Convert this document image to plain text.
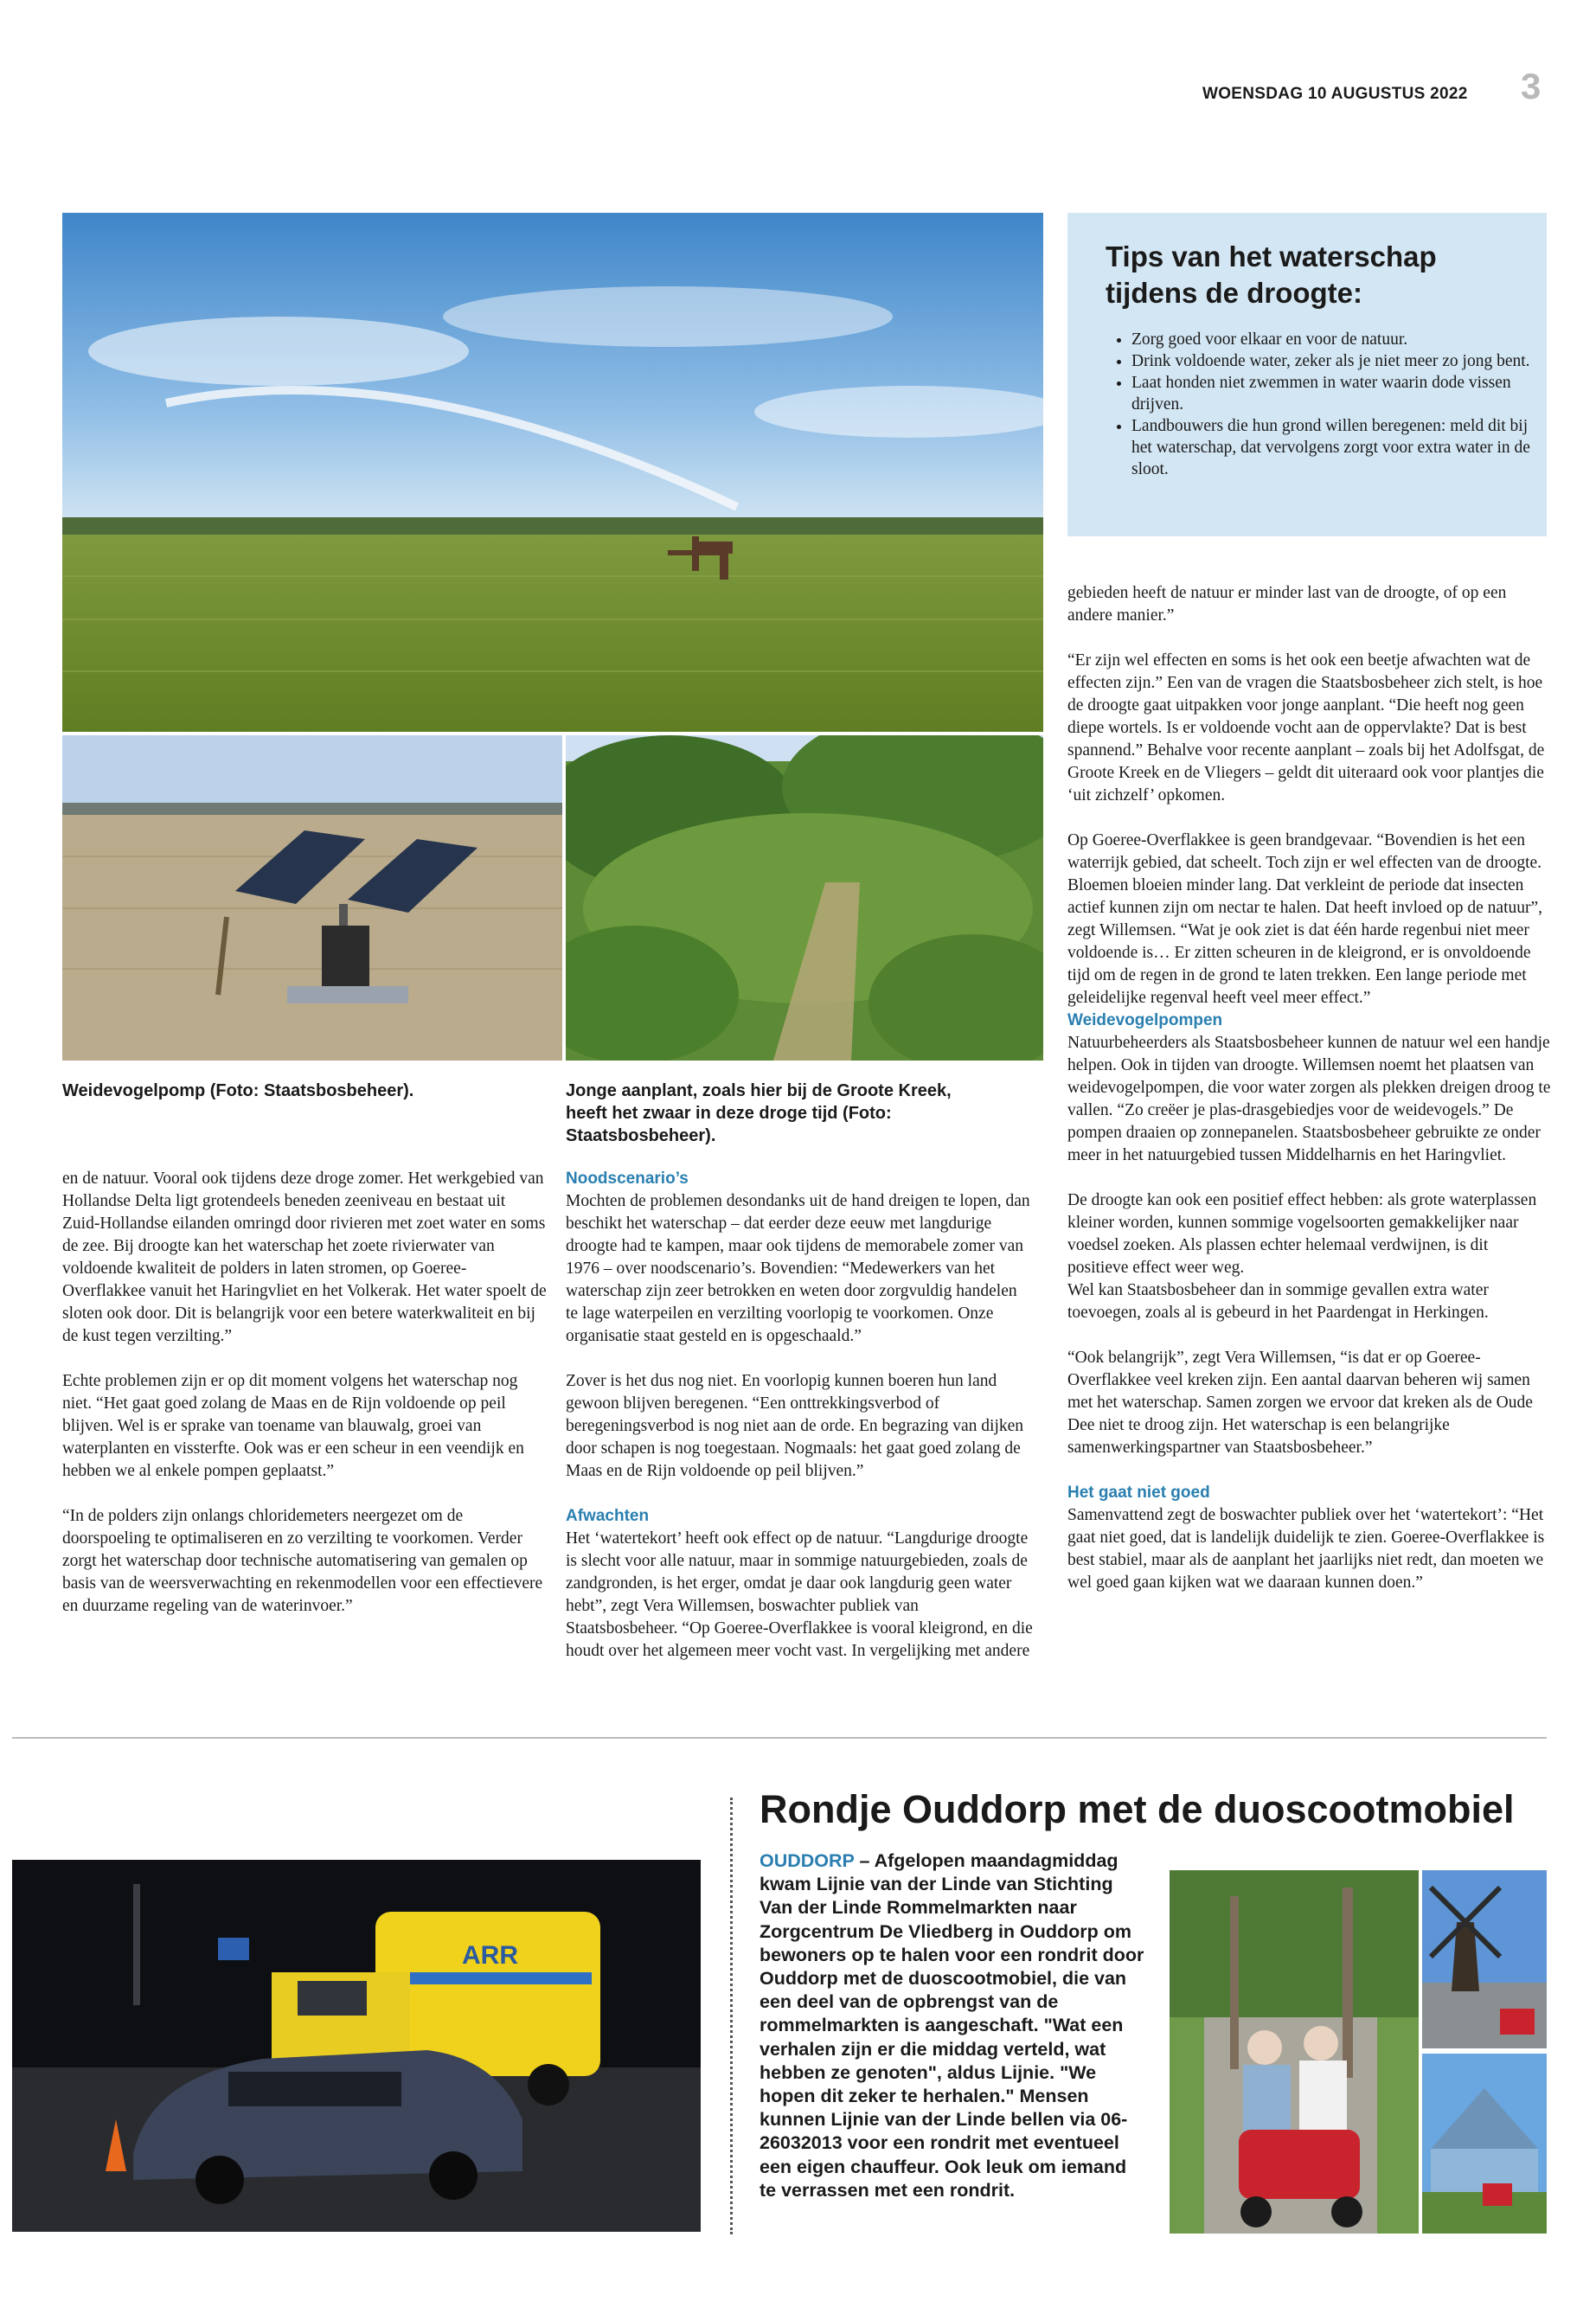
WOENSDAG 10 AUGUSTUS 2022 3
Tips van het waterschap
tijdens de droogte:
• Zorg goed voor elkaar en voor de natuur.
• Drink voldoende water, zeker als je niet meer zo jong bent.
• Laat honden niet zwemmen in water waarin dode vissen drijven.
• Landbouwers die hun grond willen beregenen: meld dit bij het waterschap, dat vervolgens zorgt voor extra water in de sloot.
Weidevogelpomp (Foto: Staatsbosbeheer).	Jonge aanplant, zoals hier bij de Groote Kreek, heeft het zwaar in deze droge tijd (Foto: Staatsbosbeheer).

en de natuur. Vooral ook tijdens deze droge zomer. Het werkgebied van Hollandse Delta ligt grotendeels beneden zeeniveau en bestaat uit Zuid-Hollandse eilanden omringd door rivieren met zoet water en soms de zee. Bij droogte kan het waterschap het zoete rivierwater van voldoende kwaliteit de polders in laten stromen, op Goeree-Overflakkee vanuit het Haringvliet en het Volkerak. Het water spoelt de sloten ook door. Dit is belangrijk voor een betere waterkwaliteit en bij de kust tegen verzilting.”

Echte problemen zijn er op dit moment volgens het waterschap nog niet. “Het gaat goed zolang de Maas en de Rijn voldoende op peil blijven. Wel is er sprake van toename van blauwalg, groei van waterplanten en vissterfte. Ook was er een scheur in een veendijk en hebben we al enkele pompen geplaatst.”

“In de polders zijn onlangs chloridemeters neergezet om de doorspoeling te optimaliseren en zo verzilting te voorkomen. Verder zorgt het waterschap door technische automatisering van gemalen op basis van de weersverwachting en rekenmodellen voor een effectievere en duurzame regeling van de waterinvoer.”

Noodscenario’s

Mochten de problemen desondanks uit de hand dreigen te lopen, dan beschikt het waterschap – dat eerder deze eeuw met langdurige droogte had te kampen, maar ook tijdens de memorabele zomer van 1976 – over noodscenario’s. Bovendien: “Medewerkers van het waterschap zijn zeer betrokken en weten door zorgvuldig handelen te lage waterpeilen en verzilting voorlopig te voorkomen. Onze organisatie staat gesteld en is opgeschaald.”

Zover is het dus nog niet. En voorlopig kunnen boeren hun land gewoon blijven beregenen. “Een onttrekkingsverbod of beregeningsverbod is nog niet aan de orde. En begrazing van dijken door schapen is nog toegestaan. Nogmaals: het gaat goed zolang de Maas en de Rijn voldoende op peil blijven.”

Afwachten

Het ‘watertekort’ heeft ook effect op de natuur. “Langdurige droogte is slecht voor alle natuur, maar in sommige natuurgebieden, zoals de zandgronden, is het erger, omdat je daar ook langdurig geen water hebt”, zegt Vera Willemsen, boswachter publiek van Staatsbosbeheer. “Op Goeree-Overflakkee is vooral kleigrond, en die houdt over het algemeen meer vocht vast. In vergelijking met andere

gebieden heeft de natuur er minder last van de droogte, of op een andere manier.”

“Er zijn wel effecten en soms is het ook een beetje afwachten wat de effecten zijn.” Een van de vragen die Staatsbosbeheer zich stelt, is hoe de droogte gaat uitpakken voor jonge aanplant. “Die heeft nog geen diepe wortels. Is er voldoende vocht aan de oppervlakte? Dat is best spannend.” Behalve voor recente aanplant – zoals bij het Adolfsgat, de Groote Kreek en de Vliegers – geldt dit uiteraard ook voor plantjes die ‘uit zichzelf’ opkomen.

Op Goeree-Overflakkee is geen brandgevaar. “Bovendien is het een waterrijk gebied, dat scheelt. Toch zijn er wel effecten van de droogte. Bloemen bloeien minder lang. Dat verkleint de periode dat insecten actief kunnen zijn om nectar te halen. Dat heeft invloed op de natuur”, zegt Willemsen. “Wat je ook ziet is dat één harde regenbui niet meer voldoende is… Er zitten scheuren in de kleigrond, er is onvoldoende tijd om de regen in de grond te laten trekken. Een lange periode met geleidelijke regenval heeft veel meer effect.”

Weidevogelpompen

Natuurbeheerders als Staatsbosbeheer kunnen de natuur wel een handje helpen. Ook in tijden van droogte. Willemsen noemt het plaatsen van weidevogelpompen, die voor water zorgen als plekken dreigen droog te vallen. “Zo creëer je plas-drasgebiedjes voor de weidevogels.” De pompen draaien op zonnepanelen. Staatsbosbeheer gebruikte ze onder meer in het natuurgebied tussen Middelharnis en het Haringvliet.

De droogte kan ook een positief effect hebben: als grote waterplassen kleiner worden, kunnen sommige vogelsoorten gemakkelijker naar voedsel zoeken. Als plassen echter helemaal verdwijnen, is dit positieve effect weer weg.

Wel kan Staatsbosbeheer dan in sommige gevallen extra water toevoegen, zoals al is gebeurd in het Paardengat in Herkingen.

“Ook belangrijk”, zegt Vera Willemsen, “is dat er op Goeree-Overflakkee veel kreken zijn. Een aantal daarvan beheren wij samen met het waterschap. Samen zorgen we ervoor dat kreken als de Oude Dee niet te droog zijn. Het waterschap is een belangrijke samenwerkingspartner van Staatsbosbeheer.”

Het gaat niet goed

Samenvattend zegt de boswachter publiek over het ‘watertekort’: “Het gaat niet goed, dat is landelijk duidelijk te zien. Goeree-Overflakkee is best stabiel, maar als de aanplant het jaarlijks niet redt, dan moeten we wel goed gaan kijken wat we daaraan kunnen doen.”

ARR
Rondje Ouddorp met de duoscootmobiel
OUDDORP – Afgelopen maandagmiddag kwam Lijnie van der Linde van Stichting Van der Linde Rommelmarkten naar Zorgcentrum De Vliedberg in Ouddorp om bewoners op te halen voor een rondrit door Ouddorp met de duoscootmobiel, die van een deel van de opbrengst van de rommelmarkten is aangeschaft. "Wat een verhalen zijn er die middag verteld, wat hebben ze genoten", aldus Lijnie. "We hopen dit zeker te herhalen." Mensen kunnen Lijnie van der Linde bellen via 06-26032013 voor een rondrit met eventueel een eigen chauffeur. Ook leuk om iemand te verrassen met een rondrit.
